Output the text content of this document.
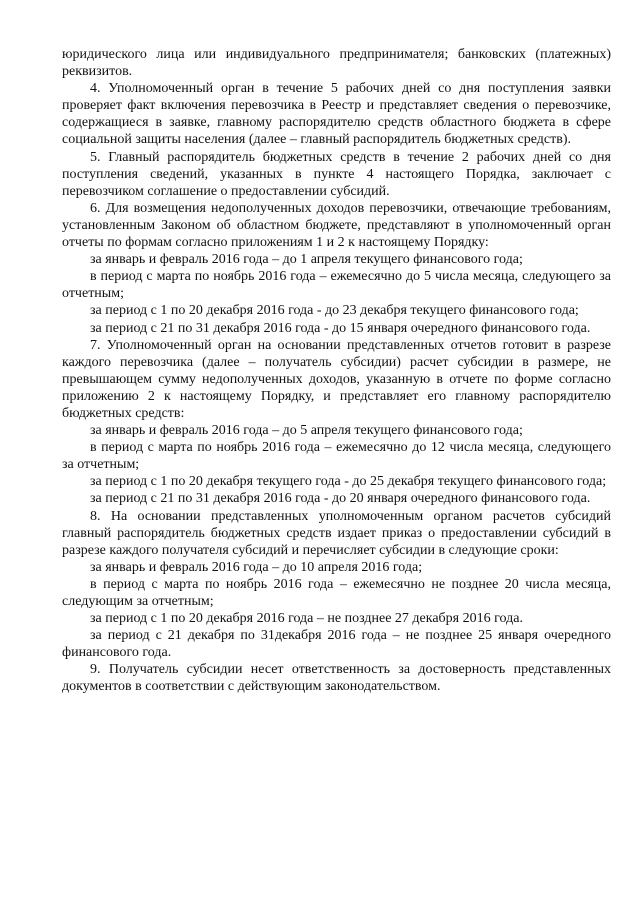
юридического лица или индивидуального предпринимателя; банковских (платежных) реквизитов.

4. Уполномоченный орган в течение 5 рабочих дней со дня поступления заявки проверяет факт включения перевозчика в Реестр и представляет сведения о перевозчике, содержащиеся в заявке, главному распорядителю средств областного бюджета в сфере социальной защиты населения (далее – главный распорядитель бюджетных средств).

5. Главный распорядитель бюджетных средств в течение 2 рабочих дней со дня поступления сведений, указанных в пункте 4 настоящего Порядка, заключает с перевозчиком соглашение о предоставлении субсидий.

6. Для возмещения недополученных доходов перевозчики, отвечающие требованиям, установленным Законом об областном бюджете, представляют в уполномоченный орган отчеты по формам согласно приложениям 1 и 2 к настоящему Порядку:

за январь и февраль 2016 года – до 1 апреля текущего финансового года;

в период с марта по ноябрь 2016 года – ежемесячно до 5 числа месяца, следующего за отчетным;

за период с 1 по 20 декабря 2016 года - до 23 декабря текущего финансового года;

за период с 21 по 31 декабря 2016 года - до 15 января очередного финансового года.

7. Уполномоченный орган на основании представленных отчетов готовит в разрезе каждого перевозчика (далее – получатель субсидии) расчет субсидии в размере, не превышающем сумму недополученных доходов, указанную в отчете по форме согласно приложению 2 к настоящему Порядку, и представляет его главному распорядителю бюджетных средств:

за январь и февраль 2016 года – до 5 апреля текущего финансового года;

в период с марта по ноябрь 2016 года – ежемесячно до 12 числа месяца, следующего за отчетным;

за период с 1 по 20 декабря текущего года - до 25 декабря текущего финансового года;

за период с 21 по 31 декабря 2016 года - до 20 января очередного финансового года.

8. На основании представленных уполномоченным органом расчетов субсидий главный распорядитель бюджетных средств издает приказ о предоставлении субсидий в разрезе каждого получателя субсидий и перечисляет субсидии в следующие сроки:

за январь и февраль 2016 года – до 10 апреля 2016 года;

в период с марта по ноябрь 2016 года – ежемесячно не позднее 20 числа месяца, следующим за отчетным;

за период с 1 по 20 декабря 2016 года – не позднее 27 декабря 2016 года.

за период с 21 декабря по 31декабря 2016 года – не позднее 25 января очередного финансового года.

9. Получатель субсидии несет ответственность за достоверность представленных документов в соответствии с действующим законодательством.
